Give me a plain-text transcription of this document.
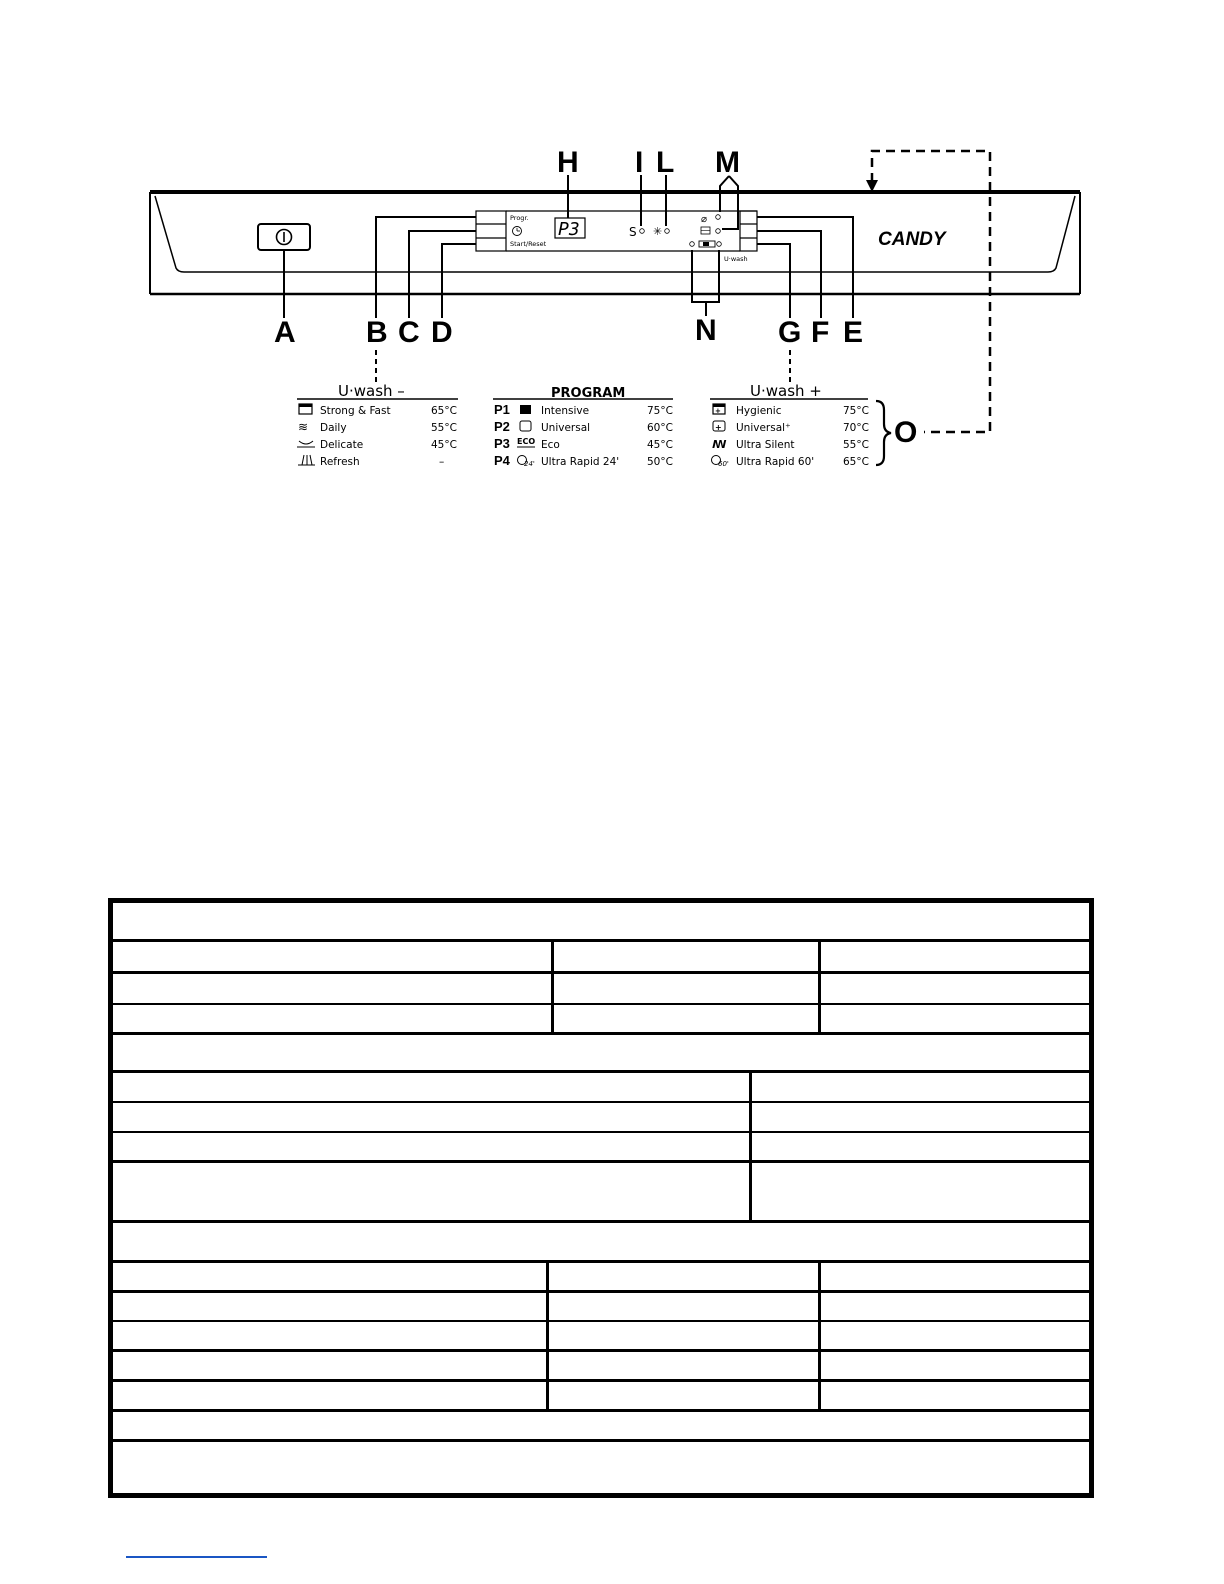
Progr.
Start/Reset
P3	S ✳
⌀
U·wash
CANDY
A B C D	E
F
G
H I L M
N
O
U·wash –
Strong & Fast	65°C
≋ Daily	55°C
Delicate	45°C
Refresh	–
PROGRAM
P1	Intensive	75°C
P2	Universal	60°C
P3 ECO Eco	45°C
P4 24' Ultra Rapid 24'	50°C
U·wash +
+ Hygienic	75°C
+ Universal⁺	70°C
ꟿ Ultra Silent	55°C
60' Ultra Rapid 60'	65°C
